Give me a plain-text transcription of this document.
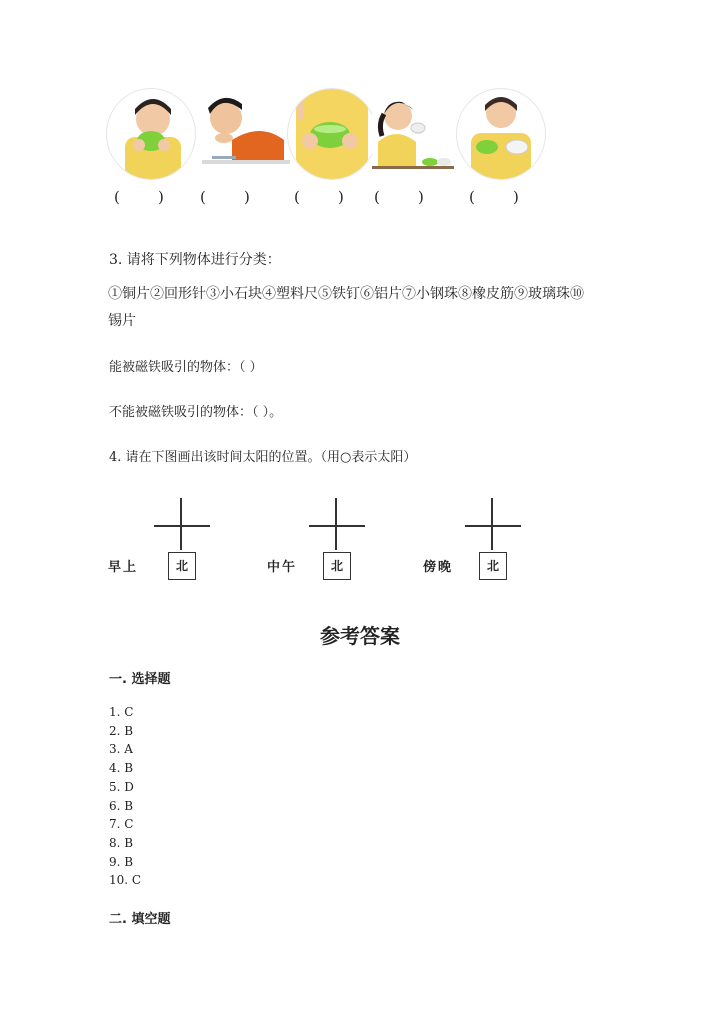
(        ) (        )	(        ) (        )	(        )
3. 请将下列物体进行分类：
①铜片②回形针③小石块④塑料尺⑤铁钉⑥铝片⑦小钢珠⑧橡皮筋⑨玻璃珠⑩
锡片
能被磁铁吸引的物体：（ ）
不能被磁铁吸引的物体：（ ）。
4. 请在下图画出该时间太阳的位置。（用○表示太阳）
北
早上	北
中午	北
傍晚
参考答案
一. 选择题
1. C
2. B
3. A
4. B
5. D
6. B
7. C
8. B
9. B
10. C
二. 填空题
